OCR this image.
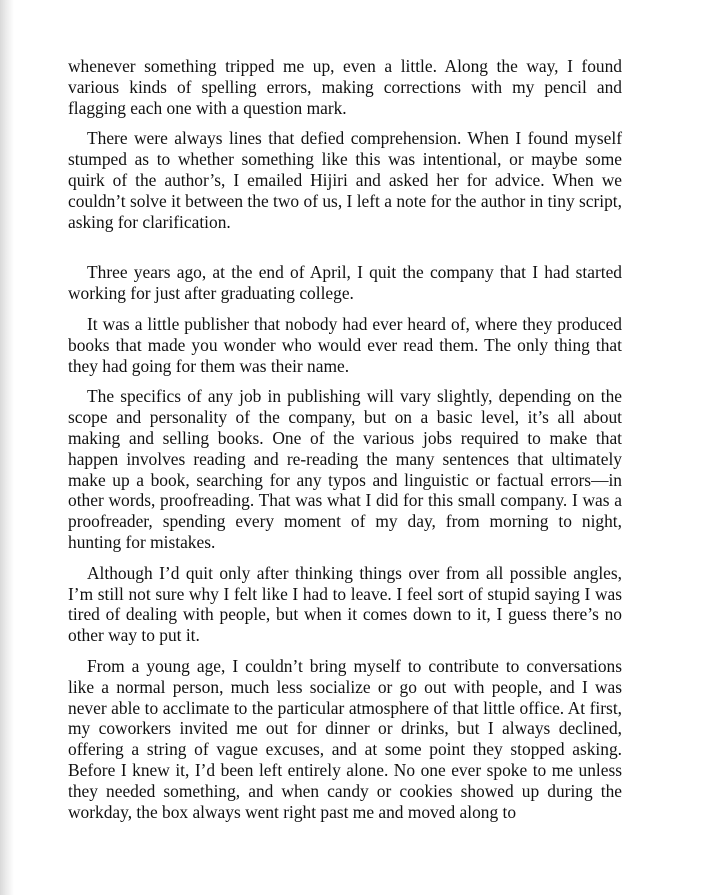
whenever something tripped me up, even a little. Along the way, I found various kinds of spelling errors, making corrections with my pencil and flagging each one with a question mark.

There were always lines that defied comprehension. When I found myself stumped as to whether something like this was intentional, or maybe some quirk of the author’s, I emailed Hijiri and asked her for advice. When we couldn’t solve it between the two of us, I left a note for the author in tiny script, asking for clarification.

Three years ago, at the end of April, I quit the company that I had started working for just after graduating college.

It was a little publisher that nobody had ever heard of, where they produced books that made you wonder who would ever read them. The only thing that they had going for them was their name.

The specifics of any job in publishing will vary slightly, depending on the scope and personality of the company, but on a basic level, it’s all about making and selling books. One of the various jobs required to make that happen involves reading and re-reading the many sentences that ultimately make up a book, searching for any typos and linguistic or factual errors—in other words, proofreading. That was what I did for this small company. I was a proofreader, spending every moment of my day, from morning to night, hunting for mistakes.

Although I’d quit only after thinking things over from all possible angles, I’m still not sure why I felt like I had to leave. I feel sort of stupid saying I was tired of dealing with people, but when it comes down to it, I guess there’s no other way to put it.

From a young age, I couldn’t bring myself to contribute to conversations like a normal person, much less socialize or go out with people, and I was never able to acclimate to the particular atmosphere of that little office. At first, my coworkers invited me out for dinner or drinks, but I always declined, offering a string of vague excuses, and at some point they stopped asking. Before I knew it, I’d been left entirely alone. No one ever spoke to me unless they needed something, and when candy or cookies showed up during the workday, the box always went right past me and moved along to
